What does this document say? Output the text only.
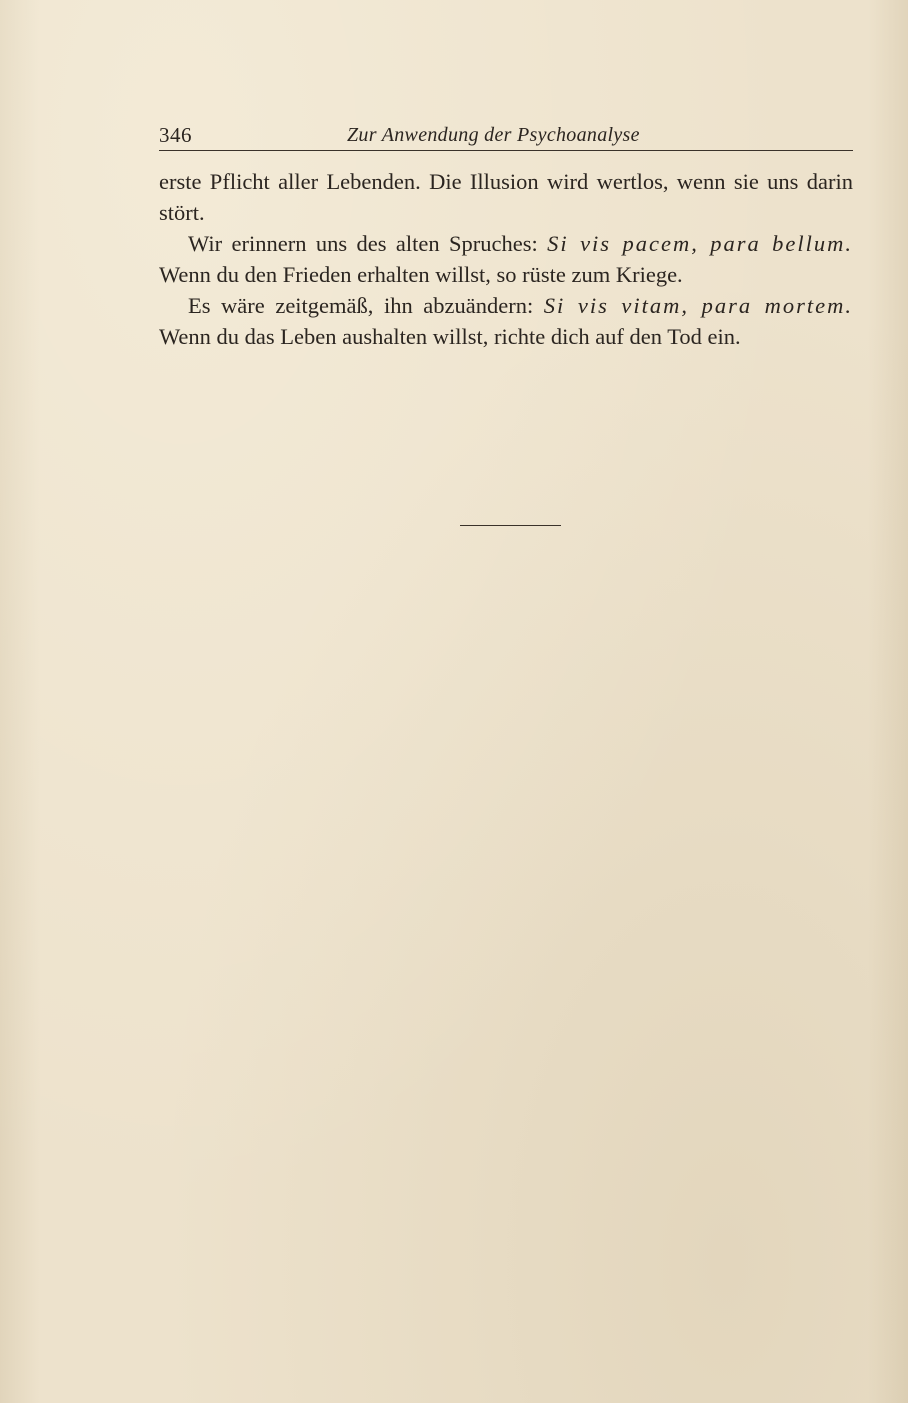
346	Zur Anwendung der Psychoanalyse

erste Pflicht aller Lebenden. Die Illusion wird wertlos, wenn sie uns darin stört.

Wir erinnern uns des alten Spruches: Si vis pacem, para bellum. Wenn du den Frieden erhalten willst, so rüste zum Kriege.

Es wäre zeitgemäß, ihn abzuändern: Si vis vitam, para mortem. Wenn du das Leben aushalten willst, richte dich auf den Tod ein.
